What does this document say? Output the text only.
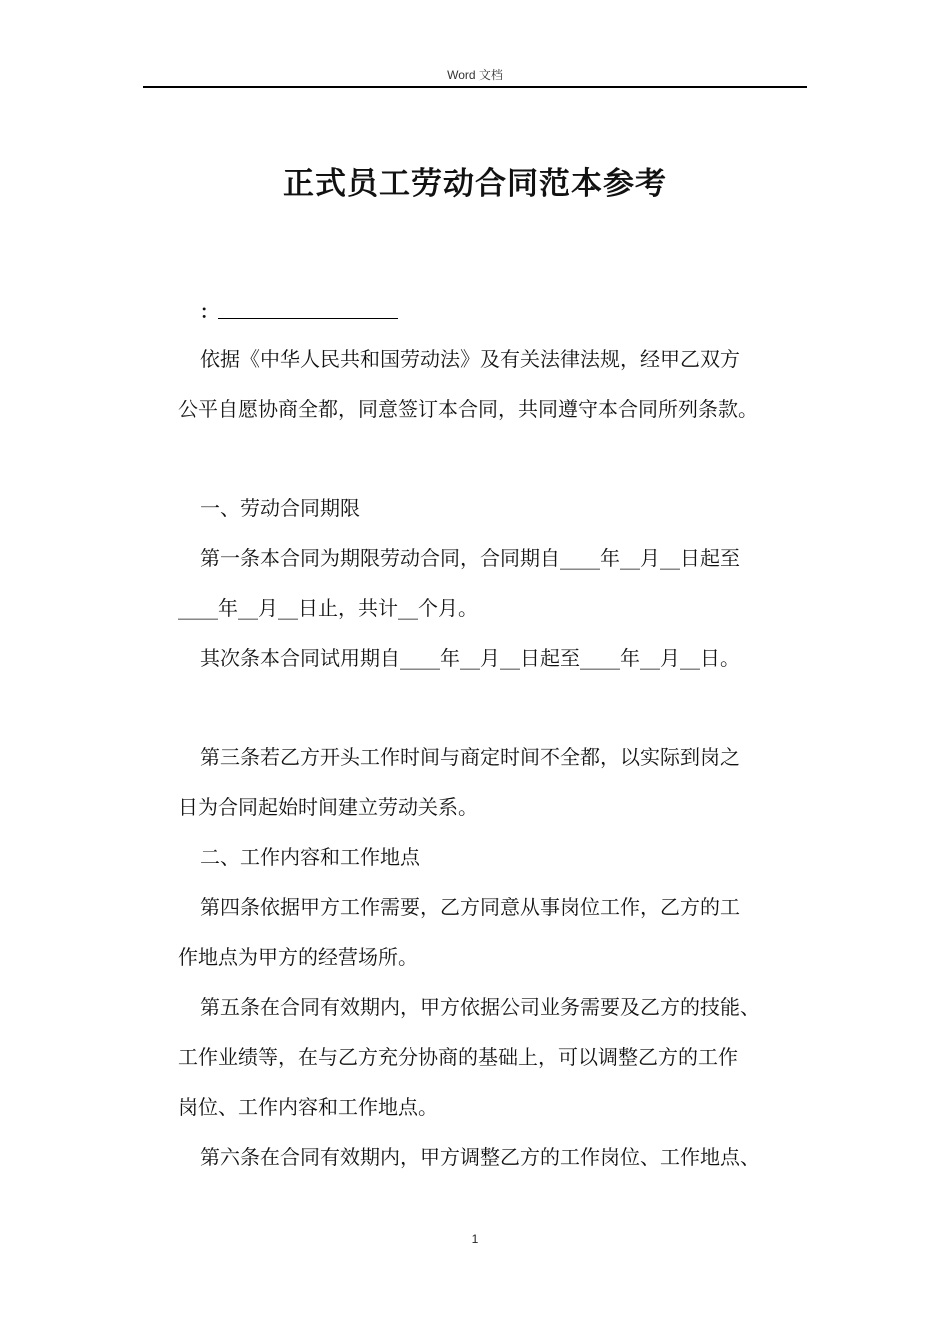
Word 文档
正式员工劳动合同范本参考
：
依据《中华人民共和国劳动法》及有关法律法规，经甲乙双方
公平自愿协商全都，同意签订本合同，共同遵守本合同所列条款。
一、劳动合同期限
第一条本合同为期限劳动合同，合同期自____年__月__日起至
____年__月__日止，共计__个月。
其次条本合同试用期自____年__月__日起至____年__月__日。
第三条若乙方开头工作时间与商定时间不全都，以实际到岗之
日为合同起始时间建立劳动关系。
二、工作内容和工作地点
第四条依据甲方工作需要，乙方同意从事岗位工作，乙方的工
作地点为甲方的经营场所。
第五条在合同有效期内，甲方依据公司业务需要及乙方的技能、
工作业绩等，在与乙方充分协商的基础上，可以调整乙方的工作
岗位、工作内容和工作地点。
第六条在合同有效期内，甲方调整乙方的工作岗位、工作地点、
1
